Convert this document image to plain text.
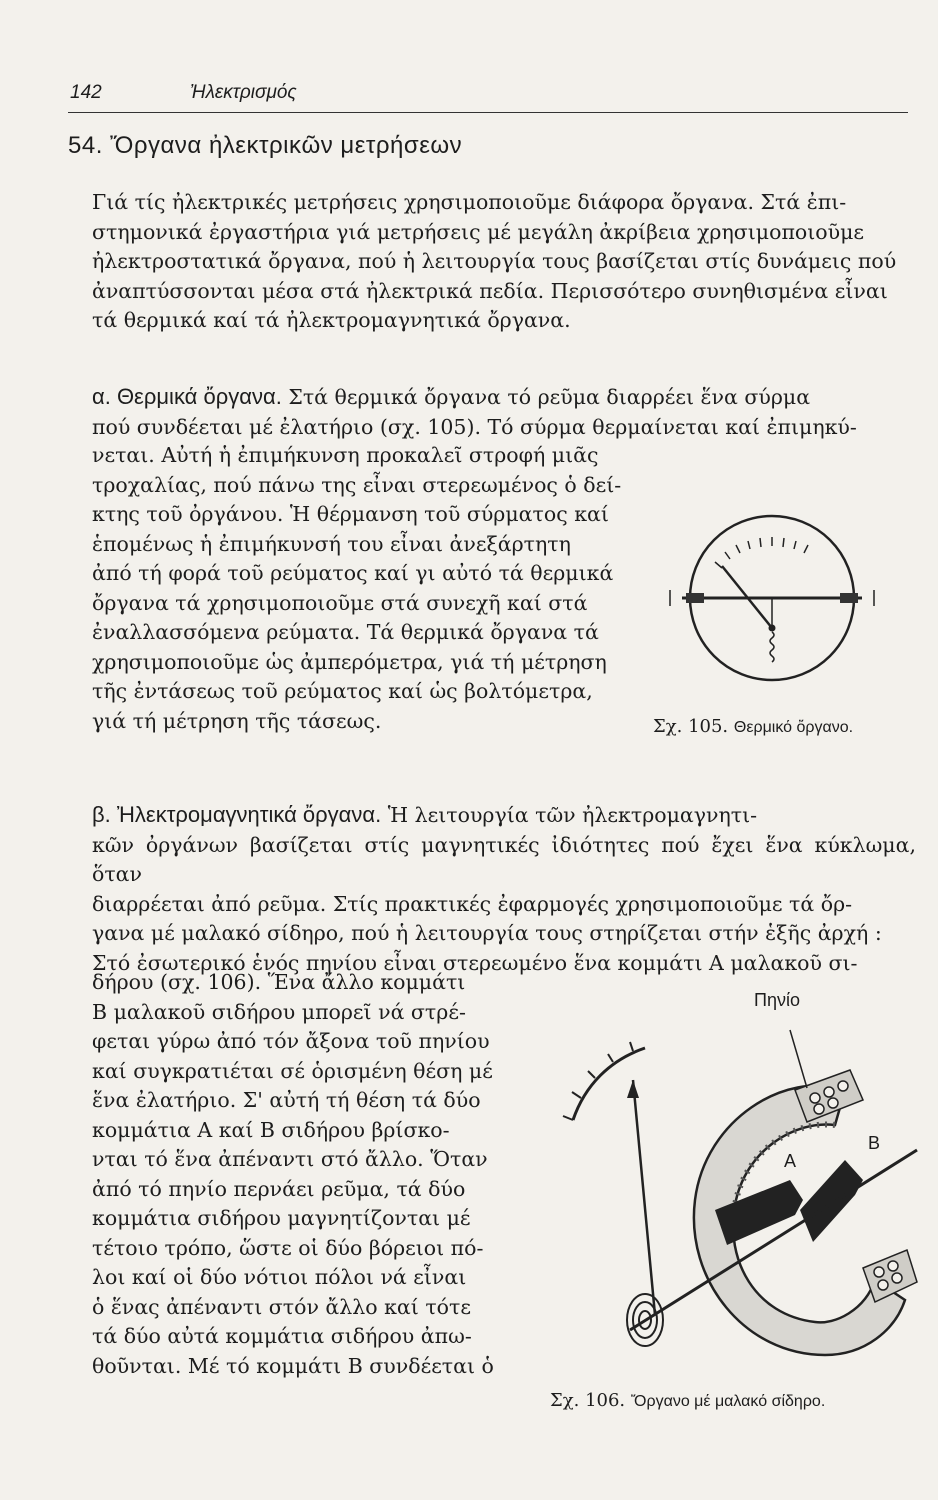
142	Ἠλεκτρισμός
54. Ὄργανα ἠλεκτρικῶν μετρήσεων
Γιά τίς ἠλεκτρικές μετρήσεις χρησιμοποιοῦμε διάφορα ὄργανα. Στά ἐπι-
στημονικά ἐργαστήρια γιά μετρήσεις μέ μεγάλη ἀκρίβεια χρησιμοποιοῦμε
ἠλεκτροστατικά ὄργανα, πού ἡ λειτουργία τους βασίζεται στίς δυνάμεις πού
ἀναπτύσσονται μέσα στά ἠλεκτρικά πεδία. Περισσότερο συνηθισμένα εἶναι
τά θερμικά καί τά ἠλεκτρομαγνητικά ὄργανα.
α. Θερμικά ὄργανα. Στά θερμικά ὄργανα τό ρεῦμα διαρρέει ἕνα σύρμα
πού συνδέεται μέ ἐλατήριο (σχ. 105). Τό σύρμα θερμαίνεται καί ἐπιμηκύ-
νεται. Αὐτή ἡ ἐπιμήκυνση προκαλεῖ στροφή μιᾶς
τροχαλίας, πού πάνω της εἶναι στερεωμένος ὁ δεί-
κτης τοῦ ὀργάνου. Ἡ θέρμανση τοῦ σύρματος καί
ἑπομένως ἡ ἐπιμήκυνσή του εἶναι ἀνεξάρτητη
ἀπό τή φορά τοῦ ρεύματος καί γι αὐτό τά θερμικά
ὄργανα τά χρησιμοποιοῦμε στά συνεχῆ καί στά
ἐναλλασσόμενα ρεύματα. Τά θερμικά ὄργανα τά
χρησιμοποιοῦμε ὡς ἀμπερόμετρα, γιά τή μέτρηση
τῆς ἐντάσεως τοῦ ρεύματος καί ὡς βολτόμετρα,
γιά τή μέτρηση τῆς τάσεως.	Σχ. 105. Θερμικό ὄργανο.
β. Ἠλεκτρομαγνητικά ὄργανα. Ἡ λειτουργία τῶν ἠλεκτρομαγνητι-
κῶν ὀργάνων βασίζεται στίς μαγνητικές ἰδιότητες πού ἔχει ἕνα κύκλωμα, ὅταν
διαρρέεται ἀπό ρεῦμα. Στίς πρακτικές ἐφαρμογές χρησιμοποιοῦμε τά ὄρ-
γανα μέ μαλακό σίδηρο, πού ἡ λειτουργία τους στηρίζεται στήν ἑξῆς ἀρχή :
Στό ἐσωτερικό ἑνός πηνίου εἶναι στερεωμένο ἕνα κομμάτι Α μαλακοῦ σι-
δήρου (σχ. 106). Ἕνα ἄλλο κομμάτι
Β μαλακοῦ σιδήρου μπορεῖ νά στρέ-
φεται γύρω ἀπό τόν ἄξονα τοῦ πηνίου
καί συγκρατιέται σέ ὁρισμένη θέση μέ
ἕνα ἐλατήριο. Σ' αὐτή τή θέση τά δύο
κομμάτια Α καί Β σιδήρου βρίσκο-
νται τό ἕνα ἀπέναντι στό ἄλλο. Ὅταν
ἀπό τό πηνίο περνάει ρεῦμα, τά δύο
κομμάτια σιδήρου μαγνητίζονται μέ
τέτοιο τρόπο, ὥστε οἱ δύο βόρειοι πό-
λοι καί οἱ δύο νότιοι πόλοι νά εἶναι
ὁ ἕνας ἀπέναντι στόν ἄλλο καί τότε
τά δύο αὐτά κομμάτια σιδήρου ἀπω-
θοῦνται. Μέ τό κομμάτι Β συνδέεται ὁ
Πηνίο
Α
Β
Σχ. 106. Ὄργανο μέ μαλακό σίδηρο.
